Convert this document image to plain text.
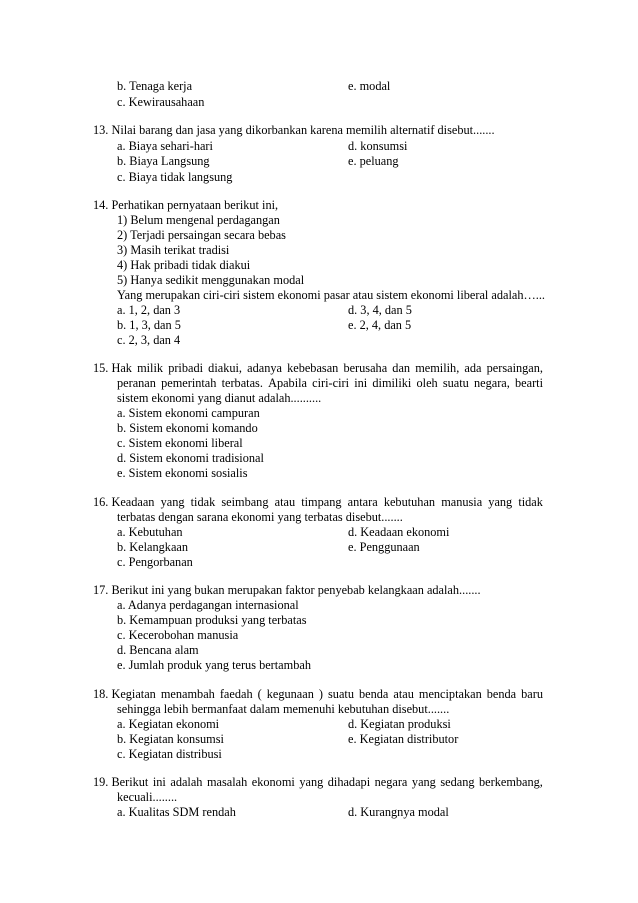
b. Tenaga kerja	e. modal
c. Kewirausahaan
13. Nilai barang dan jasa yang dikorbankan karena memilih alternatif disebut.......
a. Biaya sehari-hari	d. konsumsi
b. Biaya Langsung	e. peluang
c. Biaya tidak langsung
14. Perhatikan pernyataan berikut ini,
1) Belum mengenal perdagangan
2) Terjadi persaingan secara bebas
3) Masih terikat tradisi
4) Hak pribadi tidak diakui
5) Hanya sedikit menggunakan modal
Yang merupakan ciri-ciri sistem ekonomi pasar atau sistem ekonomi liberal adalah…...
a. 1, 2, dan 3	d. 3, 4, dan 5
b. 1, 3, dan 5	e. 2, 4, dan 5
c. 2, 3, dan 4
15. Hak milik pribadi diakui, adanya kebebasan berusaha dan memilih, ada persaingan,
peranan pemerintah terbatas. Apabila ciri-ciri ini dimiliki oleh suatu negara, bearti
sistem ekonomi yang dianut adalah..........
a. Sistem ekonomi campuran
b. Sistem ekonomi komando
c. Sistem ekonomi liberal
d. Sistem ekonomi tradisional
e. Sistem ekonomi sosialis
16. Keadaan yang tidak seimbang atau timpang antara kebutuhan manusia yang tidak
terbatas dengan sarana ekonomi yang terbatas disebut.......
a. Kebutuhan	d. Keadaan ekonomi
b. Kelangkaan	e. Penggunaan
c. Pengorbanan
17. Berikut ini yang bukan merupakan faktor penyebab kelangkaan adalah.......
a. Adanya perdagangan internasional
b. Kemampuan produksi yang terbatas
c. Kecerobohan manusia
d. Bencana alam
e. Jumlah produk yang terus bertambah
18. Kegiatan menambah faedah ( kegunaan ) suatu benda atau menciptakan benda baru
sehingga lebih bermanfaat dalam memenuhi kebutuhan disebut.......
a. Kegiatan ekonomi	d. Kegiatan produksi
b. Kegiatan konsumsi	e. Kegiatan distributor
c. Kegiatan distribusi
19. Berikut ini adalah masalah ekonomi yang dihadapi negara yang sedang berkembang,
kecuali........
a. Kualitas SDM rendah	d. Kurangnya modal
